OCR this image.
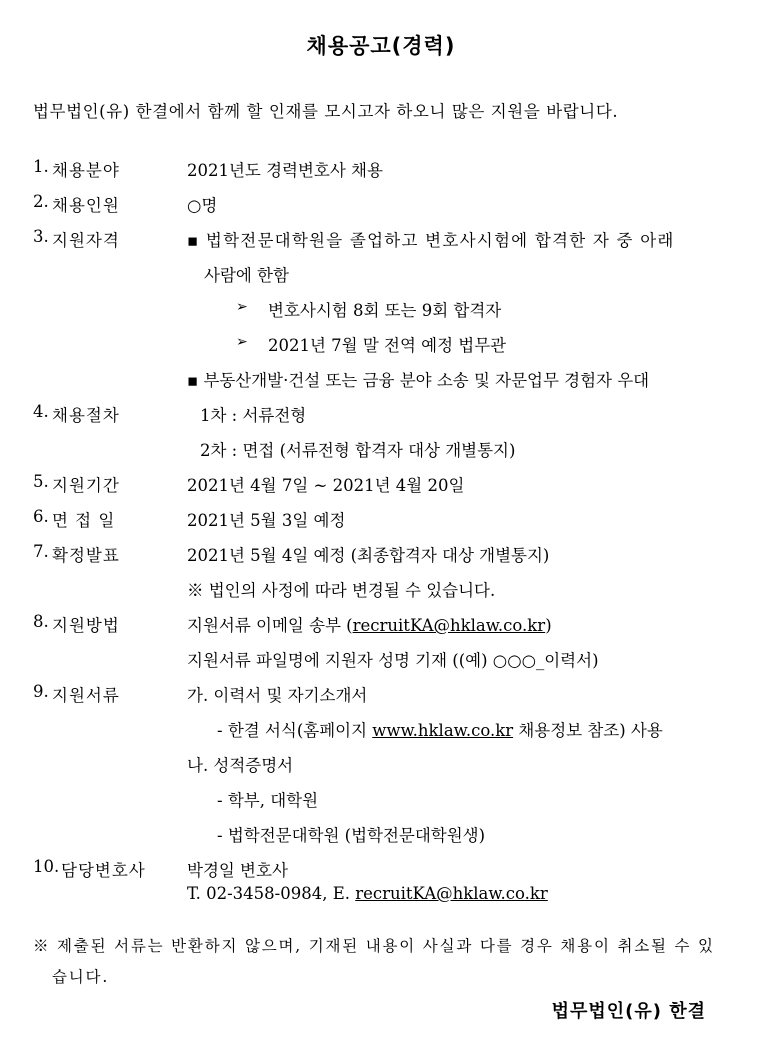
채용공고(경력)
법무법인(유) 한결에서 함께 할 인재를 모시고자 하오니 많은 지원을 바랍니다.
1. 채용분야	2021년도 경력변호사 채용
2. 채용인원	○명
3. 지원자격	▪ 법학전문대학원을 졸업하고 변호사시험에 합격한 자 중 아래
사람에 한함
➢ 변호사시험 8회 또는 9회 합격자
➢ 2021년 7월 말 전역 예정 법무관
▪ 부동산개발·건설 또는 금융 분야 소송 및 자문업무 경험자 우대
4. 채용절차	1차 : 서류전형
2차 : 면접 (서류전형 합격자 대상 개별통지)
5. 지원기간	2021년 4월 7일 ~ 2021년 4월 20일
6. 면 접 일	2021년 5월 3일 예정
7. 확정발표	2021년 5월 4일 예정 (최종합격자 대상 개별통지)
※ 법인의 사정에 따라 변경될 수 있습니다.
8. 지원방법	지원서류 이메일 송부 (recruitKA@hklaw.co.kr)
지원서류 파일명에 지원자 성명 기재 ((예) ○○○_이력서)
9. 지원서류	가. 이력서 및 자기소개서
- 한결 서식(홈페이지 www.hklaw.co.kr 채용정보 참조) 사용
나. 성적증명서
- 학부, 대학원
- 법학전문대학원 (법학전문대학원생)
10. 담당변호사	박경일 변호사
T. 02-3458-0984, E. recruitKA@hklaw.co.kr
※ 제출된 서류는 반환하지 않으며, 기재된 내용이 사실과 다를 경우 채용이 취소될 수 있
습니다.
법무법인(유) 한결
